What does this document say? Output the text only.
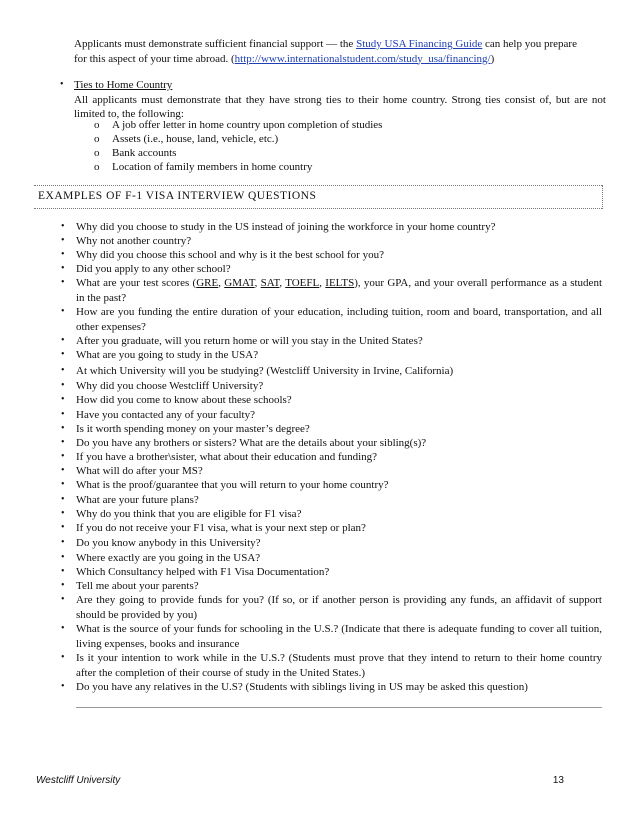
Applicants must demonstrate sufficient financial support — the Study USA Financing Guide can help you prepare
for this aspect of your time abroad. (http://www.internationalstudent.com/study_usa/financing/)
• Ties to Home Country
All applicants must demonstrate that they have strong ties to their home country. Strong ties consist of, but are not limited to, the following:
o A job offer letter in home country upon completion of studies
o Assets (i.e., house, land, vehicle, etc.)
o Bank accounts
o Location of family members in home country
EXAMPLES OF F-1 VISA INTERVIEW QUESTIONS
• Why did you choose to study in the US instead of joining the workforce in your home country?
• Why not another country?
• Why did you choose this school and why is it the best school for you?
• Did you apply to any other school?
• What are your test scores (GRE, GMAT, SAT, TOEFL, IELTS), your GPA, and your overall performance as a student in the past?
• How are you funding the entire duration of your education, including tuition, room and board, transportation, and all other expenses?
• After you graduate, will you return home or will you stay in the United States?
• What are you going to study in the USA?
• At which University will you be studying? (Westcliff University in Irvine, California)
• Why did you choose Westcliff University?
• How did you come to know about these schools?
• Have you contacted any of your faculty?
• Is it worth spending money on your master’s degree?
• Do you have any brothers or sisters? What are the details about your sibling(s)?
• If you have a brother\sister, what about their education and funding?
• What will do after your MS?
• What is the proof/guarantee that you will return to your home country?
• What are your future plans?
• Why do you think that you are eligible for F1 visa?
• If you do not receive your F1 visa, what is your next step or plan?
• Do you know anybody in this University?
• Where exactly are you going in the USA?
• Which Consultancy helped with F1 Visa Documentation?
• Tell me about your parents?
• Are they going to provide funds for you? (If so, or if another person is providing any funds, an affidavit of support should be provided by you)
• What is the source of your funds for schooling in the U.S.? (Indicate that there is adequate funding to cover all tuition, living expenses, books and insurance
• Is it your intention to work while in the U.S.? (Students must prove that they intend to return to their home country after the completion of their course of study in the United States.)
• Do you have any relatives in the U.S? (Students with siblings living in US may be asked this question)
Westcliff University	13
